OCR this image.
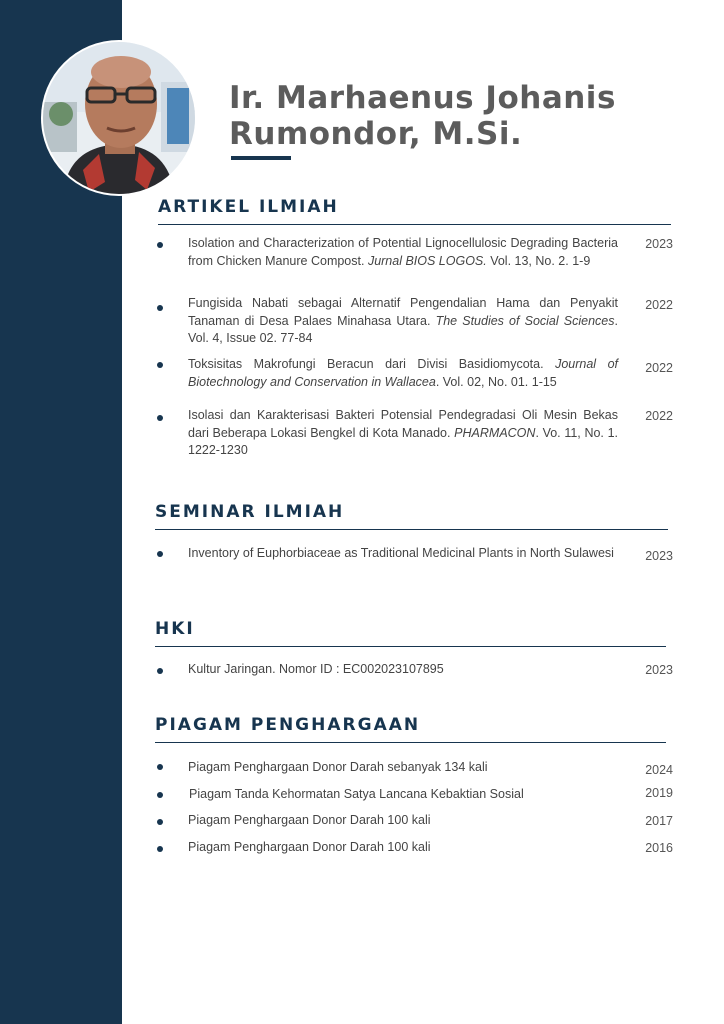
Ir. Marhaenus Johanis
Rumondor, M.Si.
ARTIKEL ILMIAH
Isolation and Characterization of Potential Lignocellulosic Degrading Bacteria from Chicken Manure Compost. Jurnal BIOS LOGOS. Vol. 13, No. 2. 1-9
2023
Fungisida Nabati sebagai Alternatif Pengendalian Hama dan Penyakit Tanaman di Desa Palaes Minahasa Utara. The Studies of Social Sciences. Vol. 4, Issue 02. 77-84
2022
Toksisitas Makrofungi Beracun dari Divisi Basidiomycota. Journal of Biotechnology and Conservation in Wallacea. Vol. 02, No. 01. 1-15
2022
Isolasi dan Karakterisasi Bakteri Potensial Pendegradasi Oli Mesin Bekas dari Beberapa Lokasi Bengkel di Kota Manado. PHARMACON. Vo. 11, No. 1. 1222-1230
2022
SEMINAR ILMIAH
Inventory of Euphorbiaceae as Traditional Medicinal Plants in North Sulawesi	2023
HKI
Kultur Jaringan. Nomor ID : EC002023107895	2023
PIAGAM PENGHARGAAN
Piagam Penghargaan Donor Darah sebanyak 134 kali	2024
Piagam Tanda Kehormatan Satya Lancana Kebaktian Sosial	2019
Piagam Penghargaan Donor Darah 100 kali	2017
Piagam Penghargaan Donor Darah 100 kali	2016
